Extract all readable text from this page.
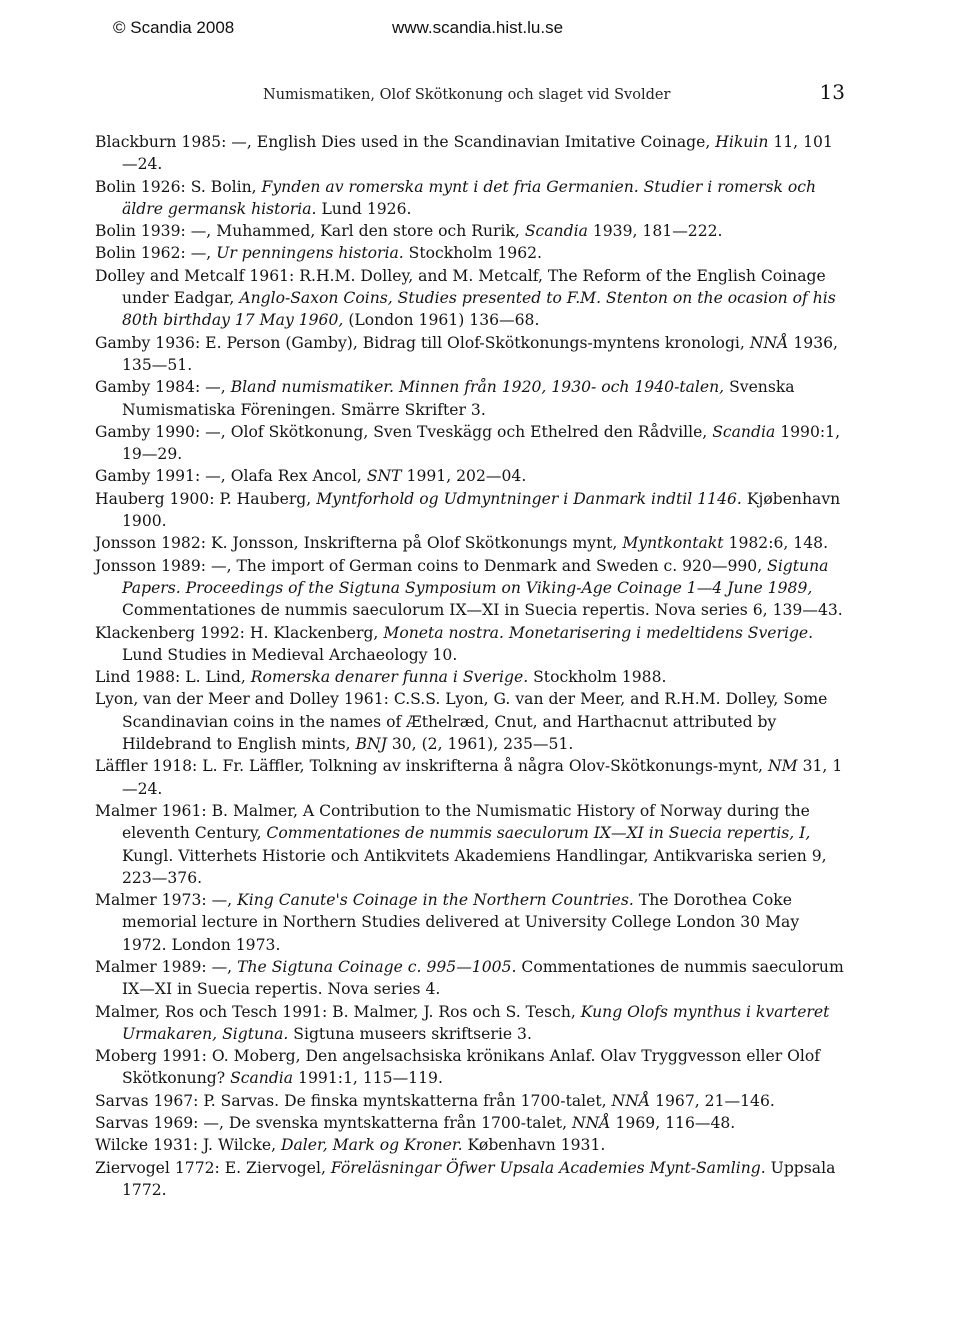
© Scandia 2008	www.scandia.hist.lu.se
Numismatiken, Olof Skötkonung och slaget vid Svolder	13
Blackburn 1985: —, English Dies used in the Scandinavian Imitative Coinage, Hikuin 11, 101—24.
Bolin 1926: S. Bolin, Fynden av romerska mynt i det fria Germanien. Studier i romersk och äldre germansk historia. Lund 1926.
Bolin 1939: —, Muhammed, Karl den store och Rurik, Scandia 1939, 181—222.
Bolin 1962: —, Ur penningens historia. Stockholm 1962.
Dolley and Metcalf 1961: R.H.M. Dolley, and M. Metcalf, The Reform of the English Coinage under Eadgar, Anglo-Saxon Coins, Studies presented to F.M. Stenton on the ocasion of his 80th birthday 17 May 1960, (London 1961) 136—68.
Gamby 1936: E. Person (Gamby), Bidrag till Olof-Skötkonungs-myntens kronologi, NNÅ 1936, 135—51.
Gamby 1984: —, Bland numismatiker. Minnen från 1920, 1930- och 1940-talen, Svenska Numismatiska Föreningen. Smärre Skrifter 3.
Gamby 1990: —, Olof Skötkonung, Sven Tveskägg och Ethelred den Rådville, Scandia 1990:1, 19—29.
Gamby 1991: —, Olafa Rex Ancol, SNT 1991, 202—04.
Hauberg 1900: P. Hauberg, Myntforhold og Udmyntninger i Danmark indtil 1146. Kjøbenhavn 1900.
Jonsson 1982: K. Jonsson, Inskrifterna på Olof Skötkonungs mynt, Myntkontakt 1982:6, 148.
Jonsson 1989: —, The import of German coins to Denmark and Sweden c. 920—990, Sigtuna Papers. Proceedings of the Sigtuna Symposium on Viking-Age Coinage 1—4 June 1989, Commentationes de nummis saeculorum IX—XI in Suecia repertis. Nova series 6, 139—43.
Klackenberg 1992: H. Klackenberg, Moneta nostra. Monetarisering i medeltidens Sverige. Lund Studies in Medieval Archaeology 10.
Lind 1988: L. Lind, Romerska denarer funna i Sverige. Stockholm 1988.
Lyon, van der Meer and Dolley 1961: C.S.S. Lyon, G. van der Meer, and R.H.M. Dolley, Some Scandinavian coins in the names of Æthelræd, Cnut, and Harthacnut attributed by Hildebrand to English mints, BNJ 30, (2, 1961), 235—51.
Läffler 1918: L. Fr. Läffler, Tolkning av inskrifterna å några Olov-Skötkonungs-mynt, NM 31, 1—24.
Malmer 1961: B. Malmer, A Contribution to the Numismatic History of Norway during the eleventh Century, Commentationes de nummis saeculorum IX—XI in Suecia repertis, I, Kungl. Vitterhets Historie och Antikvitets Akademiens Handlingar, Antikvariska serien 9, 223—376.
Malmer 1973: —, King Canute's Coinage in the Northern Countries. The Dorothea Coke memorial lecture in Northern Studies delivered at University College London 30 May 1972. London 1973.
Malmer 1989: —, The Sigtuna Coinage c. 995—1005. Commentationes de nummis saeculorum IX—XI in Suecia repertis. Nova series 4.
Malmer, Ros och Tesch 1991: B. Malmer, J. Ros och S. Tesch, Kung Olofs mynthus i kvarteret Urmakaren, Sigtuna. Sigtuna museers skriftserie 3.
Moberg 1991: O. Moberg, Den angelsachsiska krönikans Anlaf. Olav Tryggvesson eller Olof Skötkonung? Scandia 1991:1, 115—119.
Sarvas 1967: P. Sarvas. De finska myntskatterna från 1700-talet, NNÅ 1967, 21—146.
Sarvas 1969: —, De svenska myntskatterna från 1700-talet, NNÅ 1969, 116—48.
Wilcke 1931: J. Wilcke, Daler, Mark og Kroner. København 1931.
Ziervogel 1772: E. Ziervogel, Föreläsningar Öfwer Upsala Academies Mynt-Samling. Uppsala 1772.
